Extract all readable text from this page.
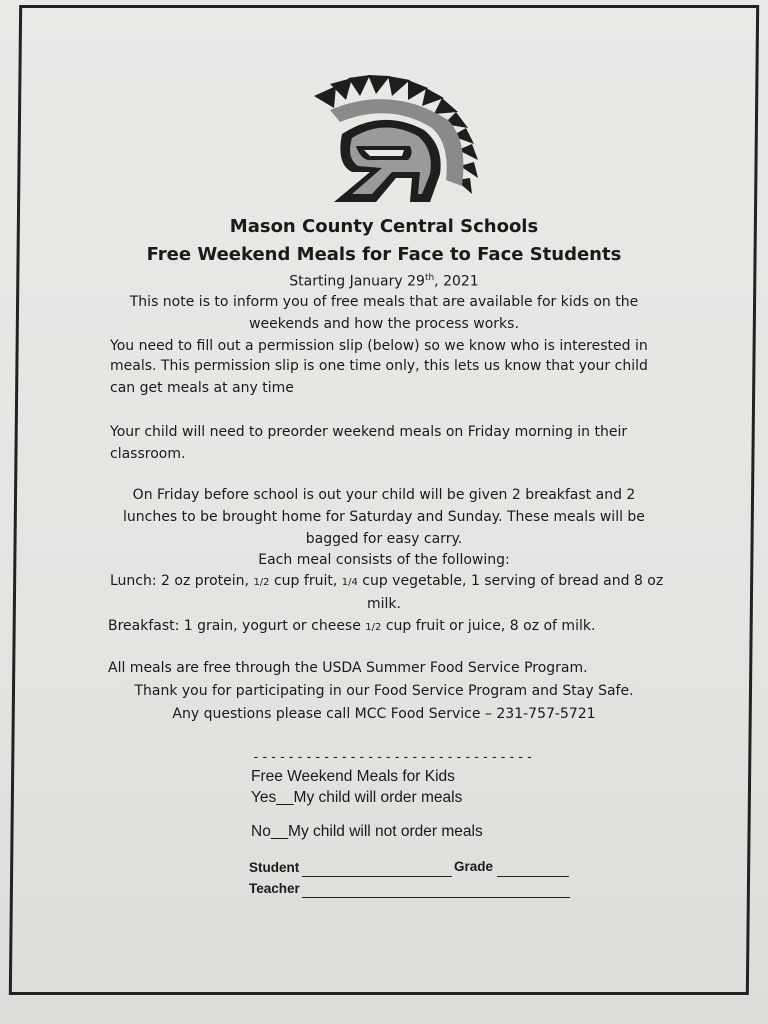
Mason County Central Schools
Free Weekend Meals for Face to Face Students
Starting January 29th, 2021
This note is to inform you of free meals that are available for kids on the
weekends and how the process works.
You need to fill out a permission slip (below) so we know who is interested in
meals. This permission slip is one time only, this lets us know that your child
can get meals at any time
Your child will need to preorder weekend meals on Friday morning in their
classroom.
On Friday before school is out your child will be given 2 breakfast and 2
lunches to be brought home for Saturday and Sunday. These meals will be
bagged for easy carry.
Each meal consists of the following:
Lunch: 2 oz protein, 1/2 cup fruit, 1/4 cup vegetable, 1 serving of bread and 8 oz
milk.
Breakfast: 1 grain, yogurt or cheese 1/2 cup fruit or juice, 8 oz of milk.
All meals are free through the USDA Summer Food Service Program.
Thank you for participating in our Food Service Program and Stay Safe.
Any questions please call MCC Food Service – 231-757-5721
--------------------------------
Free Weekend Meals for Kids
Yes__My child will order meals
No__My child will not order meals
Student	Grade
Teacher
